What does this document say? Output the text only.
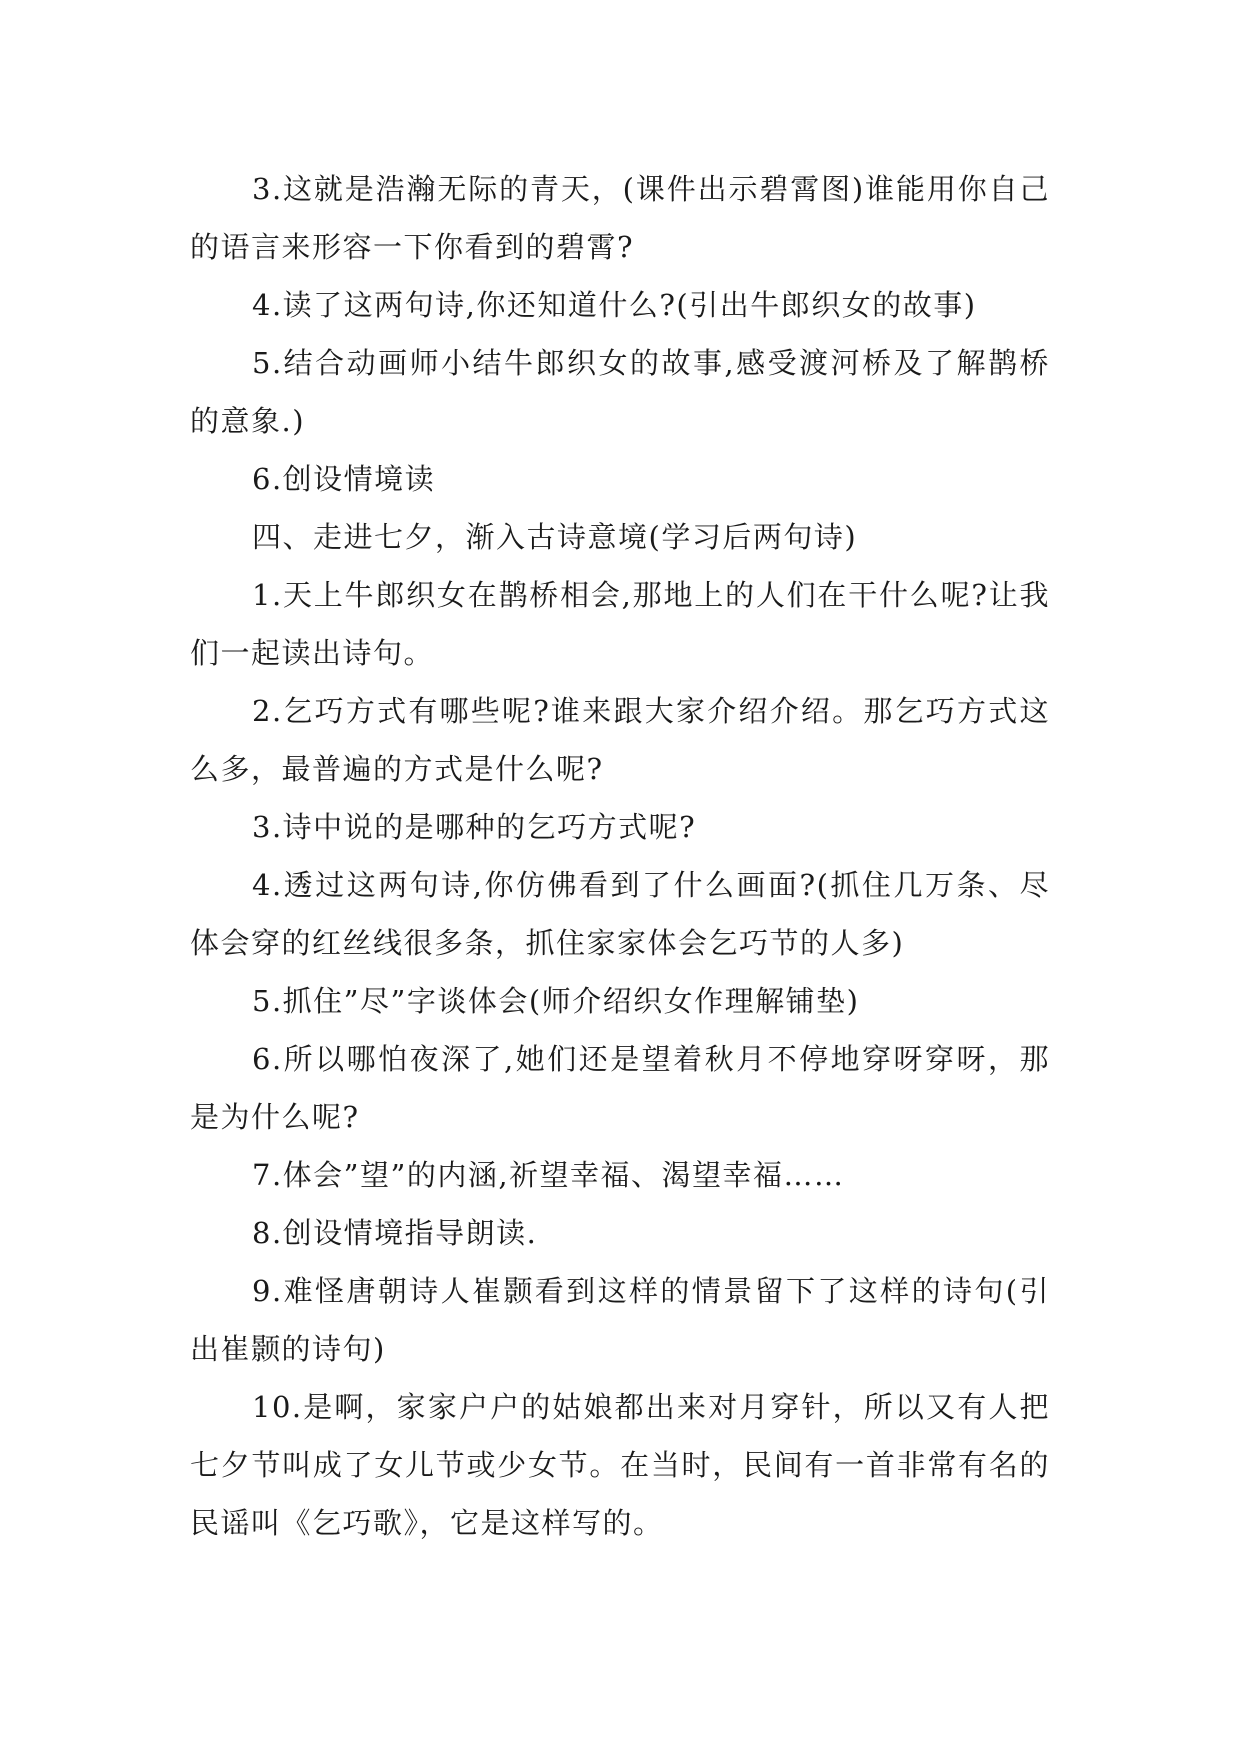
3.这就是浩瀚无际的青天，(课件出示碧霄图)谁能用你自己的语言来形容一下你看到的碧霄?

4.读了这两句诗,你还知道什么?(引出牛郎织女的故事)

5.结合动画师小结牛郎织女的故事,感受渡河桥及了解鹊桥的意象.)

6.创设情境读

四、走进七夕，渐入古诗意境(学习后两句诗)

1.天上牛郎织女在鹊桥相会,那地上的人们在干什么呢?让我们一起读出诗句。

2.乞巧方式有哪些呢?谁来跟大家介绍介绍。那乞巧方式这么多，最普遍的方式是什么呢?

3.诗中说的是哪种的乞巧方式呢?

4.透过这两句诗,你仿佛看到了什么画面?(抓住几万条、尽体会穿的红丝线很多条，抓住家家体会乞巧节的人多)

5.抓住”尽”字谈体会(师介绍织女作理解铺垫)

6.所以哪怕夜深了,她们还是望着秋月不停地穿呀穿呀，那是为什么呢?

7.体会”望”的内涵,祈望幸福、渴望幸福……

8.创设情境指导朗读.

9.难怪唐朝诗人崔颢看到这样的情景留下了这样的诗句(引出崔颢的诗句)

10.是啊，家家户户的姑娘都出来对月穿针，所以又有人把七夕节叫成了女儿节或少女节。在当时，民间有一首非常有名的民谣叫《乞巧歌》，它是这样写的。
